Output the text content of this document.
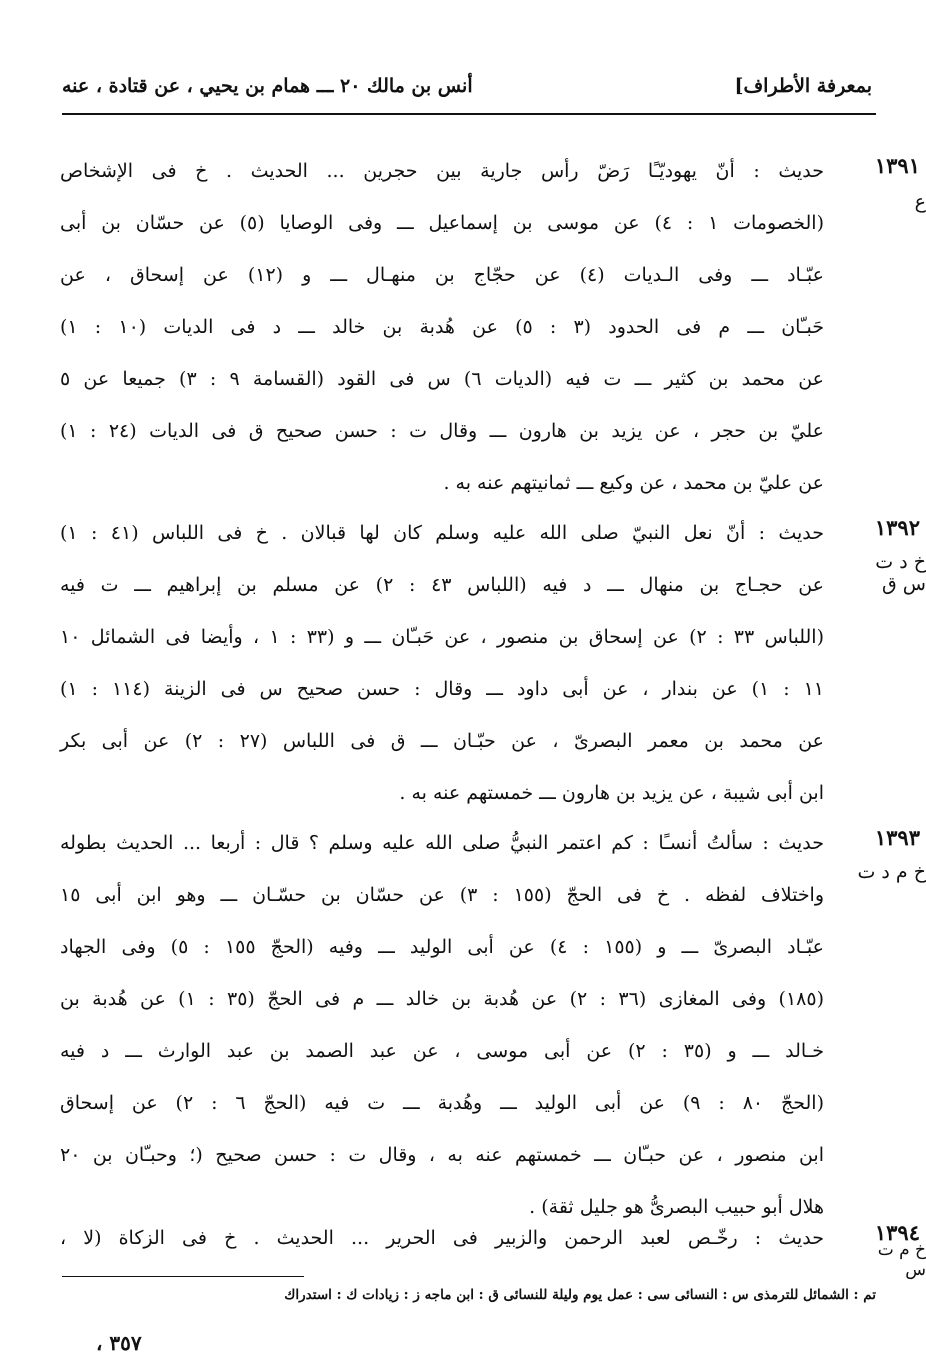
بمعرفة الأطراف]
أنس بن مالك ٢٠ ـــ همام بن يحيي ، عن قتادة ، عنه
١٣٩١
ع
حديث : أنّ يهوديّـًا رَضّ رأس جارية بين حجرين ... الحديث . خ فى الإشخاص
(الخصومات ١ : ٤) عن موسى بن إسماعيل ـــ وفى الوصايا (٥) عن حسّان بن أبى
عبّـاد ـــ وفى الـديات (٤) عن حجّاج بن منهـال ـــ و (١٢) عن إسحاق ، عن
حَبـّان ـــ م فى الحدود (٣ : ٥) عن هُدبة بن خالد ـــ د فى الديات (١٠ : ١)
عن محمد بن كثير ـــ ت فيه (الديات ٦) س فى القود (القسامة ٩ : ٣) جميعا عن ٥
عليّ بن حجر ، عن يزيد بن هارون ـــ وقال ت : حسن صحيح ق فى الديات (٢٤ : ١)
عن عليّ بن محمد ، عن وكيع ـــ ثمانيتهم عنه به .
١٣٩٢
خ د ت س ق
حديث : أنّ نعل النبيّ صلى الله عليه وسلم كان لها قبالان . خ فى اللباس (٤١ : ١)
عن حجـاج بن منهال ـــ د فيه (اللباس ٤٣ : ٢) عن مسلم بن إبراهيم ـــ ت فيه
(اللباس ٣٣ : ٢) عن إسحاق بن منصور ، عن حَبـّان ـــ و (٣٣ : ١ ، وأيضا فى الشمائل ١٠
١١ : ١) عن بندار ، عن أبى داود ـــ وقال : حسن صحيح س فى الزينة (١١٤ : ١)
عن محمد بن معمر البصرىّ ، عن حبّـان ـــ ق فى اللباس (٢٧ : ٢) عن أبى بكر
ابن أبى شيبة ، عن يزيد بن هارون ـــ خمستهم عنه به .
١٣٩٣
خ م د ت
حديث : سألتُ أنسـًا : كم اعتمر النبيُّ صلى الله عليه وسلم ؟ قال : أربعا ... الحديث بطوله
واختلاف لفظه . خ فى الحجّ (١٥٥ : ٣) عن حسّان بن حسّـان ـــ وهو ابن أبى ١٥
عبّـاد البصرىّ ـــ و (١٥٥ : ٤) عن أبى الوليد ـــ وفيه (الحجّ ١٥٥ : ٥) وفى الجهاد
(١٨٥) وفى المغازى (٣٦ : ٢) عن هُدبة بن خالد ـــ م فى الحجّ (٣٥ : ١) عن هُدبة بن
خـالد ـــ و (٣٥ : ٢) عن أبى موسى ، عن عبد الصمد بن عبد الوارث ـــ د فيه
(الحجّ ٨٠ : ٩) عن أبى الوليد ـــ وهُدبة ـــ ت فيه (الحجّ ٦ : ٢) عن إسحاق
ابن منصور ، عن حبـّان ـــ خمستهم عنه به ، وقال ت : حسن صحيح (؛ وحبـّان بن ٢٠
هلال أبو حبيب البصرىُّ هو جليل ثقة) .
١٣٩٤
خ م ت س
حديث : رخّـص لعبد الرحمن والزبير فى الحرير ... الحديث . خ فى الزكاة (لا ،
تم : الشمائل للترمذى س : النسائى سى : عمل يوم وليلة للنسائى ق : ابن ماجه ز : زيادات ك : استدراك
٣٥٧ ،
